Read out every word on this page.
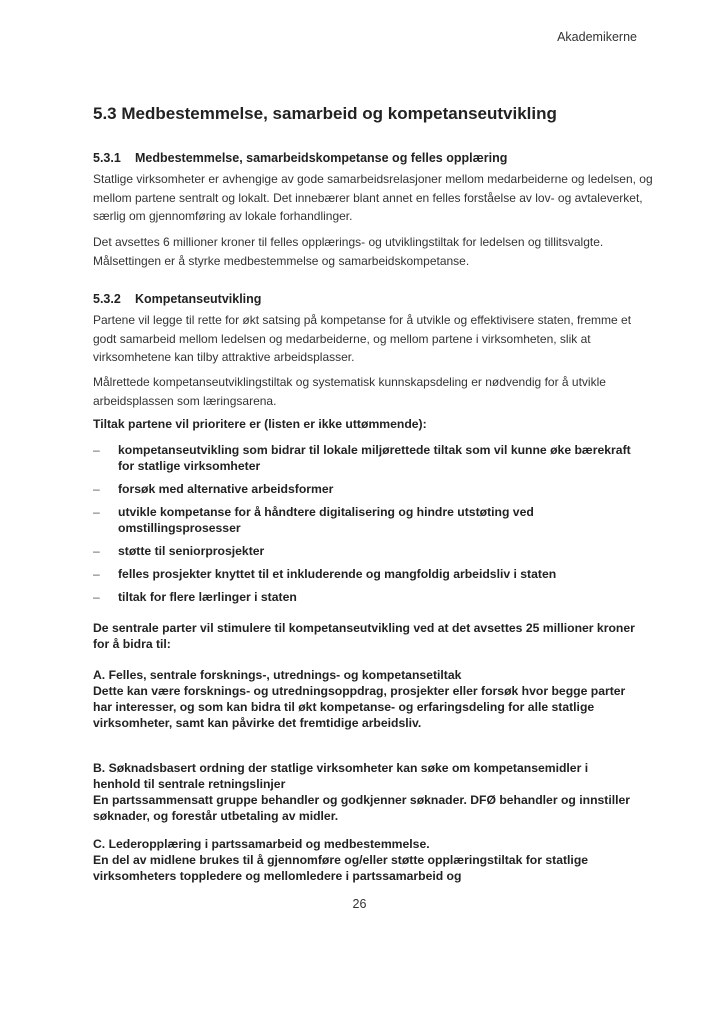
Akademikerne
5.3 Medbestemmelse, samarbeid og kompetanseutvikling
5.3.1 Medbestemmelse, samarbeidskompetanse og felles opplæring

Statlige virksomheter er avhengige av gode samarbeidsrelasjoner mellom medarbeiderne og ledelsen, og mellom partene sentralt og lokalt. Det innebærer blant annet en felles forståelse av lov- og avtaleverket, særlig om gjennomføring av lokale forhandlinger.

Det avsettes 6 millioner kroner til felles opplærings- og utviklingstiltak for ledelsen og tillitsvalgte. Målsettingen er å styrke medbestemmelse og samarbeidskompetanse.

5.3.2 Kompetanseutvikling

Partene vil legge til rette for økt satsing på kompetanse for å utvikle og effektivisere staten, fremme et godt samarbeid mellom ledelsen og medarbeiderne, og mellom partene i virksomheten, slik at virksomhetene kan tilby attraktive arbeidsplasser.

Målrettede kompetanseutviklingstiltak og systematisk kunnskapsdeling er nødvendig for å utvikle arbeidsplassen som læringsarena.

Tiltak partene vil prioritere er (listen er ikke uttømmende):

– kompetanseutvikling som bidrar til lokale miljørettede tiltak som vil kunne øke bærekraft for statlige virksomheter
– forsøk med alternative arbeidsformer
– utvikle kompetanse for å håndtere digitalisering og hindre utstøting ved omstillingsprosesser
– støtte til seniorprosjekter
– felles prosjekter knyttet til et inkluderende og mangfoldig arbeidsliv i staten
– tiltak for flere lærlinger i staten

De sentrale parter vil stimulere til kompetanseutvikling ved at det avsettes 25 millioner kroner for å bidra til:

A. Felles, sentrale forsknings-, utrednings- og kompetansetiltak
Dette kan være forsknings- og utredningsoppdrag, prosjekter eller forsøk hvor begge parter har interesser, og som kan bidra til økt kompetanse- og erfaringsdeling for alle statlige virksomheter, samt kan påvirke det fremtidige arbeidsliv.
B. Søknadsbasert ordning der statlige virksomheter kan søke om kompetansemidler i henhold til sentrale retningslinjer
En partssammensatt gruppe behandler og godkjenner søknader. DFØ behandler og innstiller søknader, og forestår utbetaling av midler.
C. Lederopplæring i partssamarbeid og medbestemmelse.
En del av midlene brukes til å gjennomføre og/eller støtte opplæringstiltak for statlige virksomheters toppledere og mellomledere i partssamarbeid og
26
